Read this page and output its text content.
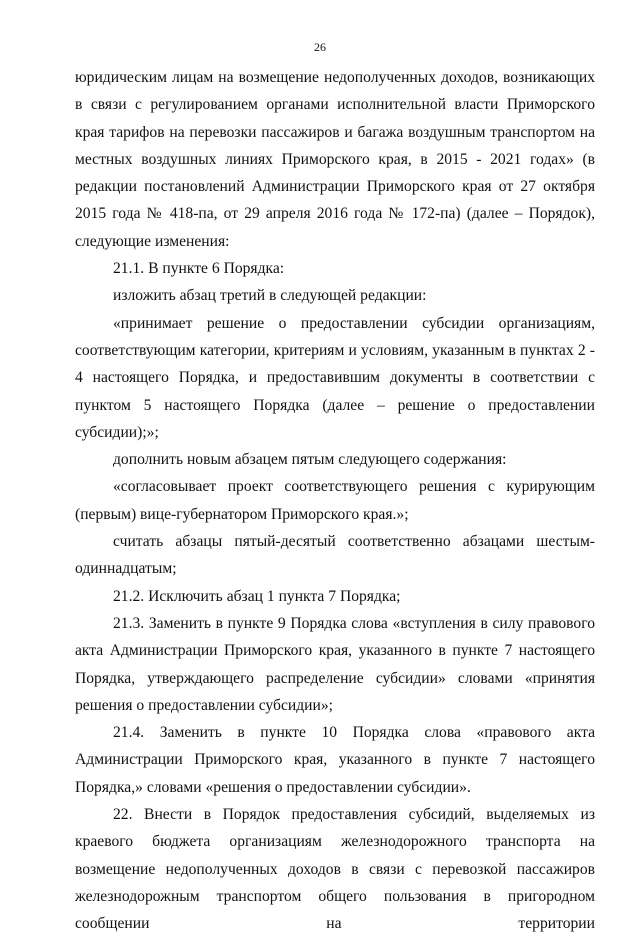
26

юридическим лицам на возмещение недополученных доходов, возникающих в связи с регулированием органами исполнительной власти Приморского края тарифов на перевозки пассажиров и багажа воздушным транспортом на местных воздушных линиях Приморского края, в 2015 - 2021 годах» (в редакции постановлений Администрации Приморского края от 27 октября 2015 года № 418-па, от 29 апреля 2016 года № 172-па) (далее – Порядок), следующие изменения:

21.1. В пункте 6 Порядка:

изложить абзац третий в следующей редакции:

«принимает решение о предоставлении субсидии организациям, соответствующим категории, критериям и условиям, указанным в пунктах 2 - 4 настоящего Порядка, и предоставившим документы в соответствии с пунктом 5 настоящего Порядка (далее – решение о предоставлении субсидии);»;

дополнить новым абзацем пятым следующего содержания:

«согласовывает проект соответствующего решения с курирующим (первым) вице-губернатором Приморского края.»;

считать абзацы пятый-десятый соответственно абзацами шестым-одиннадцатым;

21.2. Исключить абзац 1 пункта 7 Порядка;

21.3. Заменить в пункте 9 Порядка слова «вступления в силу правового акта Администрации Приморского края, указанного в пункте 7 настоящего Порядка, утверждающего распределение субсидии» словами «принятия решения о предоставлении субсидии»;

21.4. Заменить в пункте 10 Порядка слова «правового акта Администрации Приморского края, указанного в пункте 7 настоящего Порядка,» словами «решения о предоставлении субсидии».

22. Внести в Порядок предоставления субсидий, выделяемых из краевого бюджета организациям железнодорожного транспорта на возмещение недополученных доходов в связи с перевозкой пассажиров железнодорожным транспортом общего пользования в пригородном сообщении на территории
